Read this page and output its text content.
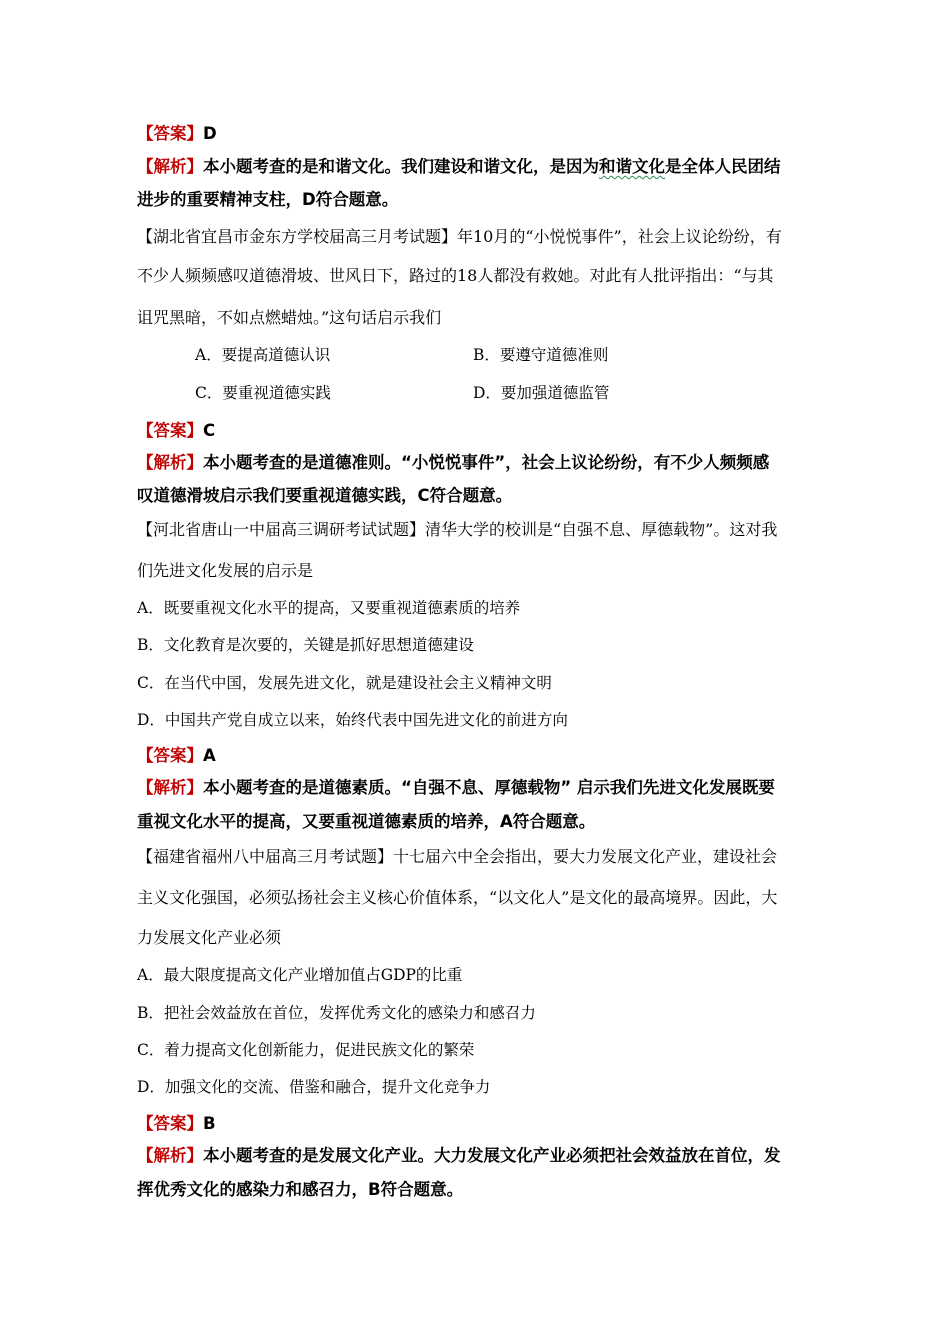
【答案】D
【解析】本小题考查的是和谐文化。我们建设和谐文化，是因为和谐文化是全体人民团结
进步的重要精神支柱，D符合题意。
【湖北省宜昌市金东方学校届高三月考试题】年10月的“小悦悦事件”，社会上议论纷纷，有
不少人频频感叹道德滑坡、世风日下，路过的18人都没有救她。对此有人批评指出：“与其
诅咒黑暗，不如点燃蜡烛。”这句话启示我们
A．要提高道德认识	B．要遵守道德准则
C．要重视道德实践	D．要加强道德监管
【答案】C
【解析】本小题考查的是道德准则。“小悦悦事件”，社会上议论纷纷，有不少人频频感
叹道德滑坡启示我们要重视道德实践，C符合题意。
【河北省唐山一中届高三调研考试试题】清华大学的校训是“自强不息、厚德载物”。这对我
们先进文化发展的启示是
A．既要重视文化水平的提高，又要重视道德素质的培养
B．文化教育是次要的，关键是抓好思想道德建设
C．在当代中国，发展先进文化，就是建设社会主义精神文明
D．中国共产党自成立以来，始终代表中国先进文化的前进方向
【答案】A
【解析】本小题考查的是道德素质。“自强不息、厚德载物” 启示我们先进文化发展既要
重视文化水平的提高，又要重视道德素质的培养，A符合题意。
【福建省福州八中届高三月考试题】十七届六中全会指出，要大力发展文化产业，建设社会
主义文化强国，必须弘扬社会主义核心价值体系，“以文化人”是文化的最高境界。因此，大
力发展文化产业必须
A．最大限度提高文化产业增加值占GDP的比重
B．把社会效益放在首位，发挥优秀文化的感染力和感召力
C．着力提高文化创新能力，促进民族文化的繁荣
D．加强文化的交流、借鉴和融合，提升文化竞争力
【答案】B
【解析】本小题考查的是发展文化产业。大力发展文化产业必须把社会效益放在首位，发
挥优秀文化的感染力和感召力，B符合题意。
